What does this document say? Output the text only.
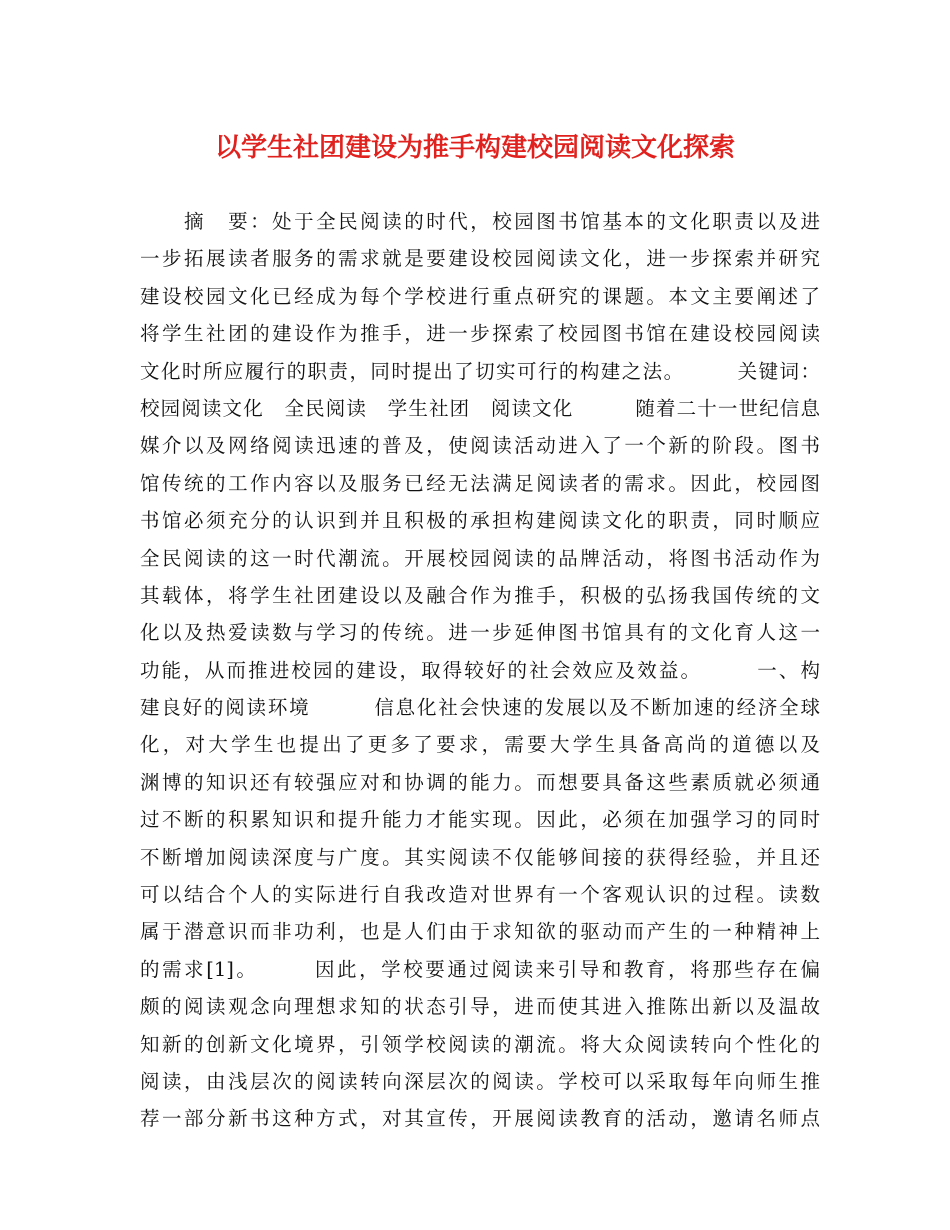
以学生社团建设为推手构建校园阅读文化探索
　　摘　要：处于全民阅读的时代，校园图书馆基本的文化职责以及进
一步拓展读者服务的需求就是要建设校园阅读文化，进一步探索并研究
建设校园文化已经成为每个学校进行重点研究的课题。本文主要阐述了
将学生社团的建设作为推手，进一步探索了校园图书馆在建设校园阅读
文化时所应履行的职责，同时提出了切实可行的构建之法。　　　关键词：
校园阅读文化　全民阅读　学生社团　阅读文化　　　随着二十一世纪信息
媒介以及网络阅读迅速的普及，使阅读活动进入了一个新的阶段。图书
馆传统的工作内容以及服务已经无法满足阅读者的需求。因此，校园图
书馆必须充分的认识到并且积极的承担构建阅读文化的职责，同时顺应
全民阅读的这一时代潮流。开展校园阅读的品牌活动，将图书活动作为
其载体，将学生社团建设以及融合作为推手，积极的弘扬我国传统的文
化以及热爱读数与学习的传统。进一步延伸图书馆具有的文化育人这一
功能，从而推进校园的建设，取得较好的社会效应及效益。　　　一、构
建良好的阅读环境　　　信息化社会快速的发展以及不断加速的经济全球
化，对大学生也提出了更多了要求，需要大学生具备高尚的道德以及
渊博的知识还有较强应对和协调的能力。而想要具备这些素质就必须通
过不断的积累知识和提升能力才能实现。因此，必须在加强学习的同时
不断增加阅读深度与广度。其实阅读不仅能够间接的获得经验，并且还
可以结合个人的实际进行自我改造对世界有一个客观认识的过程。读数
属于潜意识而非功利，也是人们由于求知欲的驱动而产生的一种精神上
的需求[1]。　　　因此，学校要通过阅读来引导和教育，将那些存在偏
颇的阅读观念向理想求知的状态引导，进而使其进入推陈出新以及温故
知新的创新文化境界，引领学校阅读的潮流。将大众阅读转向个性化的
阅读，由浅层次的阅读转向深层次的阅读。学校可以采取每年向师生推
荐一部分新书这种方式，对其宣传，开展阅读教育的活动，邀请名师点
